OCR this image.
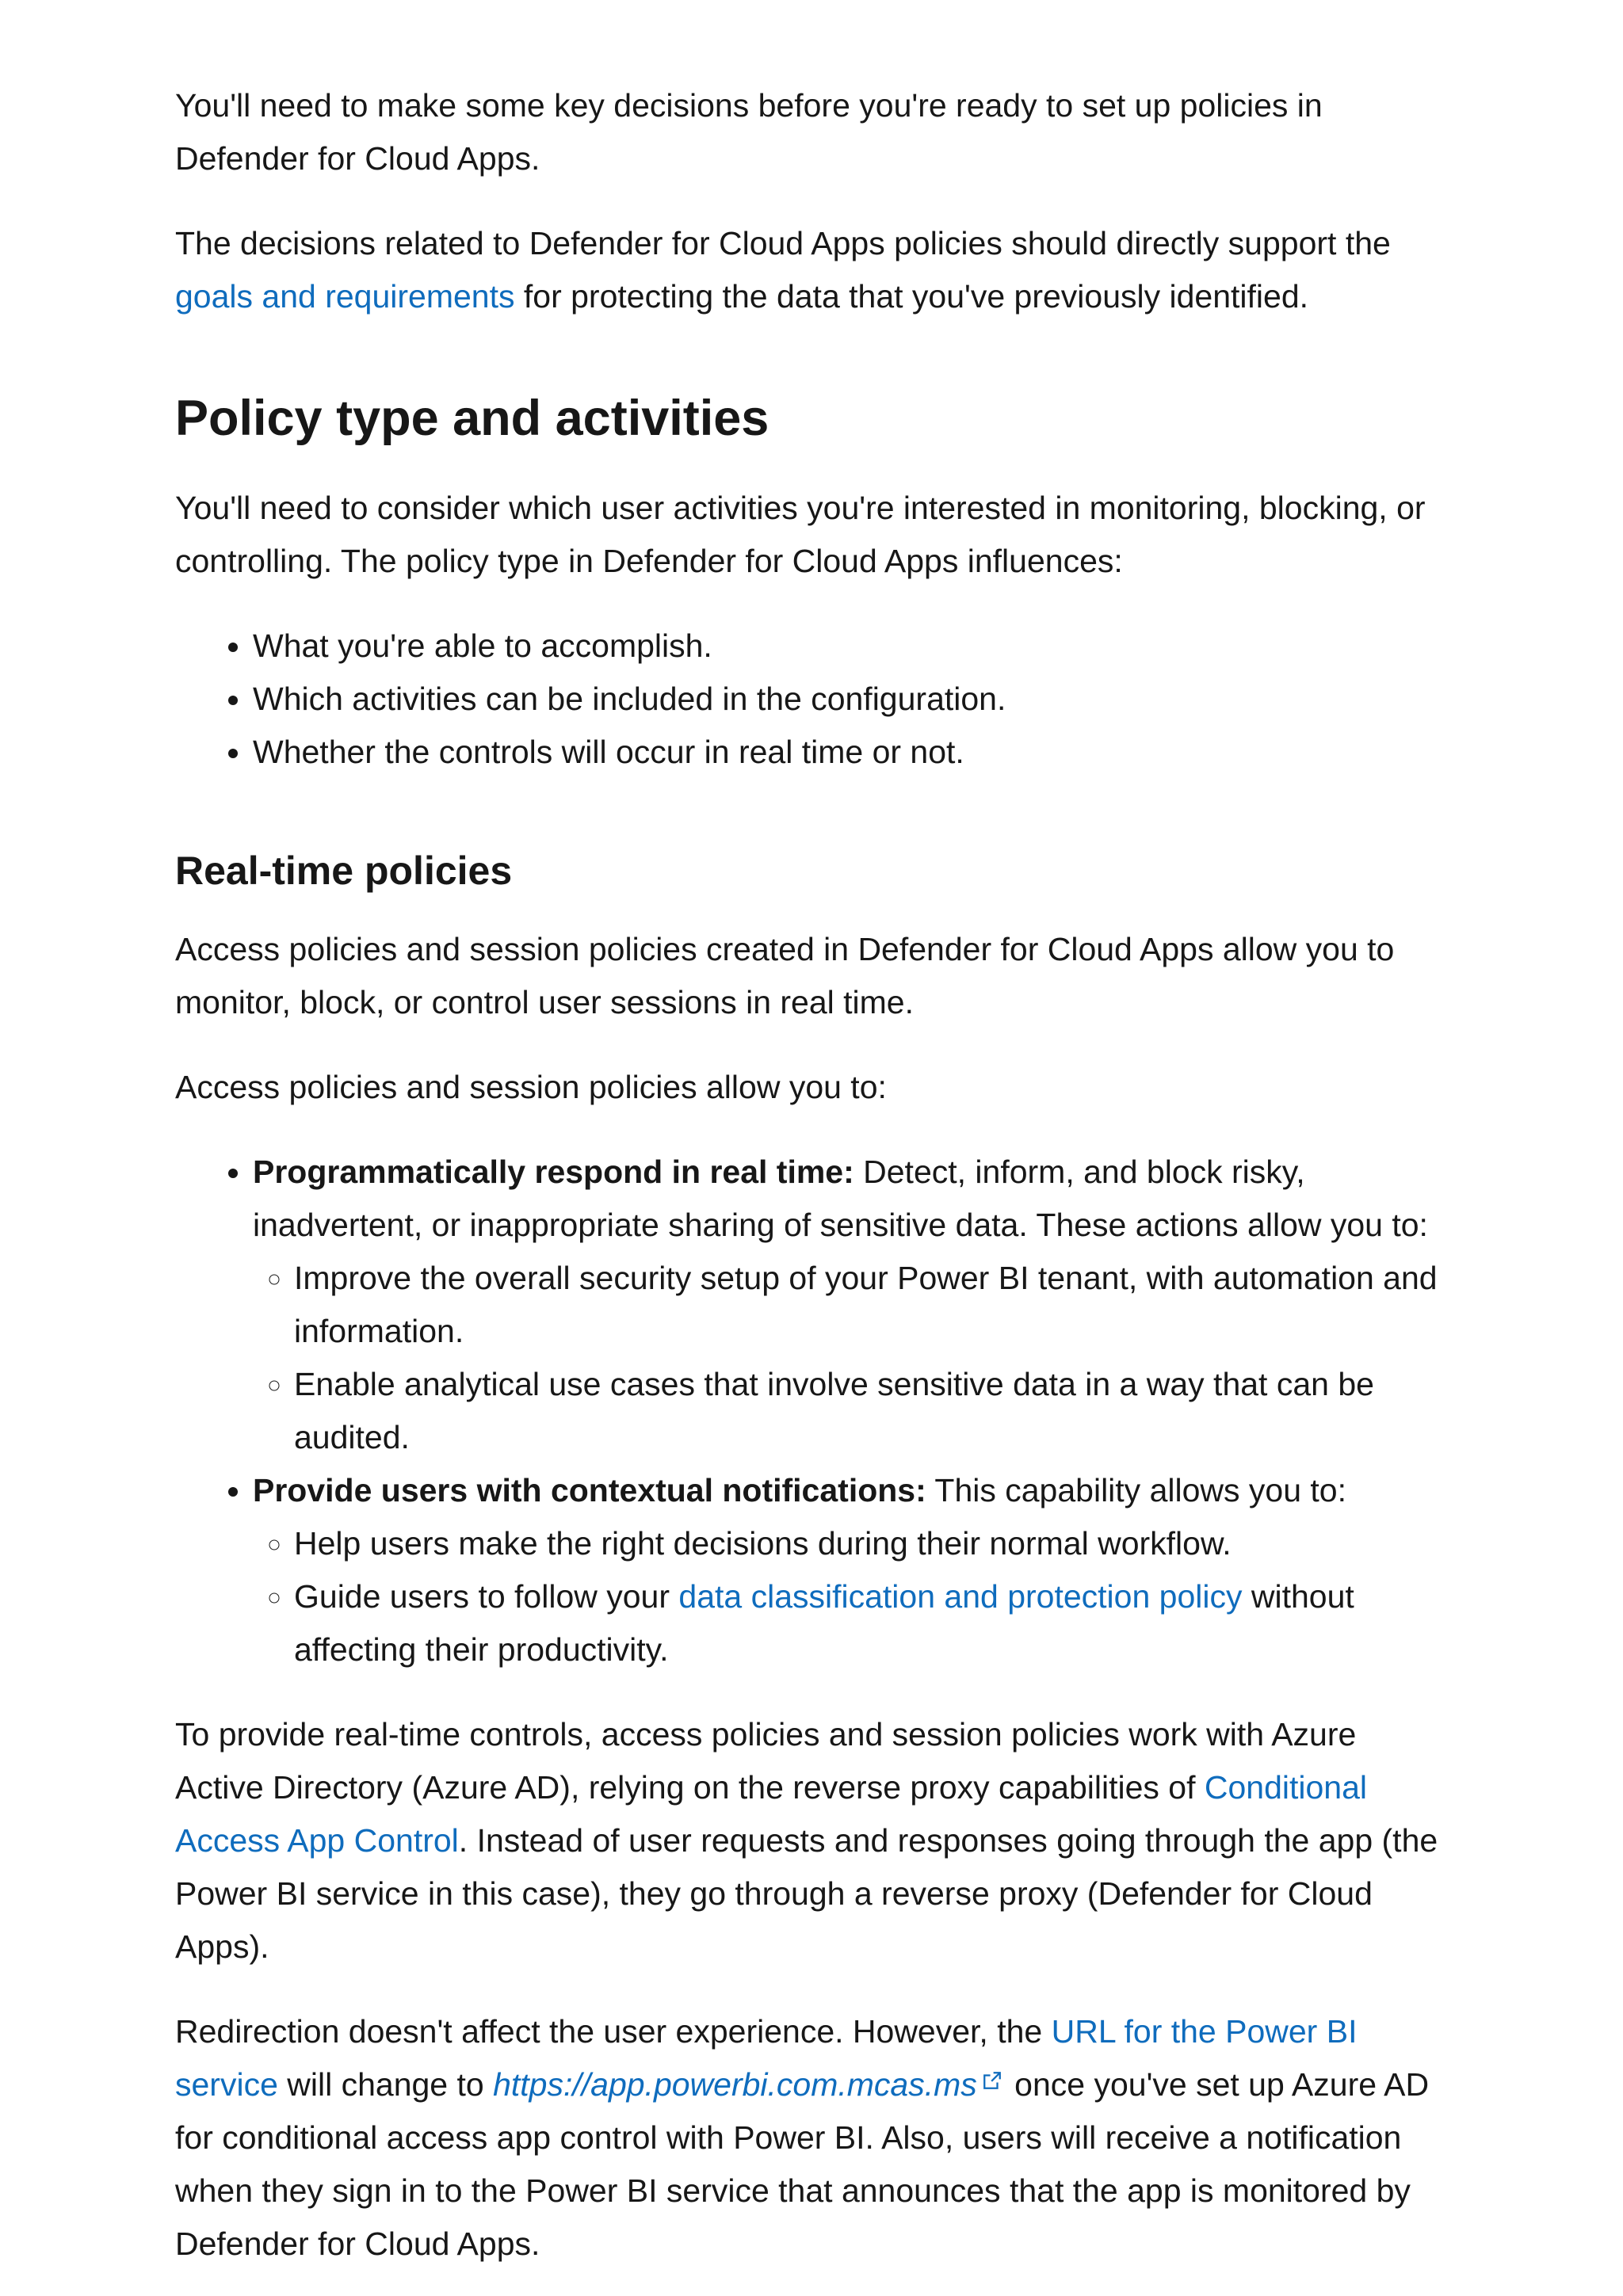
You'll need to make some key decisions before you're ready to set up policies in Defender for Cloud Apps.

The decisions related to Defender for Cloud Apps policies should directly support the goals and requirements for protecting the data that you've previously identified.

Policy type and activities

You'll need to consider which user activities you're interested in monitoring, blocking, or controlling. The policy type in Defender for Cloud Apps influences:

• What you're able to accomplish.
• Which activities can be included in the configuration.
• Whether the controls will occur in real time or not.
Real-time policies

Access policies and session policies created in Defender for Cloud Apps allow you to monitor, block, or control user sessions in real time.

Access policies and session policies allow you to:

• Programmatically respond in real time: Detect, inform, and block risky, inadvertent, or inappropriate sharing of sensitive data. These actions allow you to:
◦ Improve the overall security setup of your Power BI tenant, with automation and information.
◦ Enable analytical use cases that involve sensitive data in a way that can be audited.
• Provide users with contextual notifications: This capability allows you to:
◦ Help users make the right decisions during their normal workflow.
◦ Guide users to follow your data classification and protection policy without affecting their productivity.

To provide real-time controls, access policies and session policies work with Azure Active Directory (Azure AD), relying on the reverse proxy capabilities of Conditional Access App Control. Instead of user requests and responses going through the app (the Power BI service in this case), they go through a reverse proxy (Defender for Cloud Apps).

Redirection doesn't affect the user experience. However, the URL for the Power BI service will change to https://app.powerbi.com.mcas.ms once you've set up Azure AD for conditional access app control with Power BI. Also, users will receive a notification when they sign in to the Power BI service that announces that the app is monitored by Defender for Cloud Apps.
